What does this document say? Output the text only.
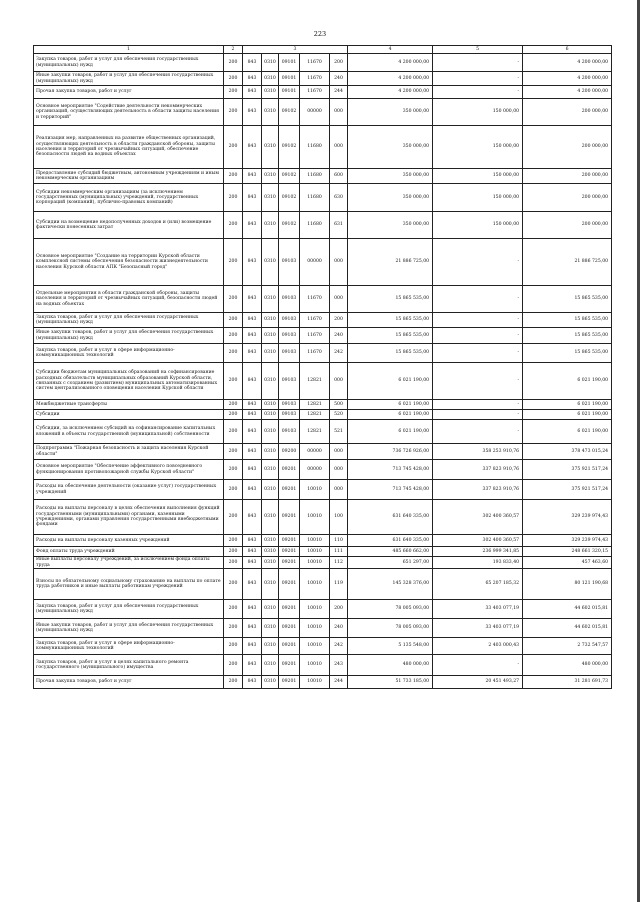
223
1	2	3					4	5	6
Закупка товаров, работ и услуг для обеспечения государственных (муниципальных) нужд	200	843	0310	09101	11670	200	4 200 000,00	-	4 200 000,00
Иные закупки товаров, работ и услуг для обеспечения государственных (муниципальных) нужд	200	843	0310	09101	11670	240	4 200 000,00	-	4 200 000,00
Прочая закупка товаров, работ и услуг	200	843	0310	09101	11670	244	4 200 000,00	-	4 200 000,00
Основное мероприятие "Содействие деятельности некоммерческих организаций, осуществляющих деятельность в области защиты населения и территорий"	200	843	0310	09102	00000	000	350 000,00	150 000,00	200 000,00
Реализация мер, направленных на развитие общественных организаций, осуществляющих деятельность в области гражданской обороны, защиты населения и территорий от чрезвычайных ситуаций, обеспечение безопасности людей на водных объектах	200	843	0310	09102	11680	000	350 000,00	150 000,00	200 000,00
Предоставление субсидий бюджетным, автономным учреждениям и иным некоммерческим организациям	200	843	0310	09102	11680	600	350 000,00	150 000,00	200 000,00
Субсидии некоммерческим организациям (за исключением государственных (муниципальных) учреждений, государственных корпораций (компаний), публично-правовых компаний)	200	843	0310	09102	11680	630	350 000,00	150 000,00	200 000,00
Субсидии на возмещение недополученных доходов и (или) возмещение фактически понесенных затрат	200	843	0310	09102	11680	631	350 000,00	150 000,00	200 000,00
Основное мероприятие "Создание на территории Курской области комплексной системы обеспечения безопасности жизнедеятельности населения Курской области АПК "Безопасный город"	200	843	0310	09103	00000	000	21 886 725,00	-	21 886 725,00
Отдельные мероприятия в области гражданской обороны, защиты населения и территорий от чрезвычайных ситуаций, безопасности людей на водных объектах	200	843	0310	09103	11670	000	15 865 535,00	-	15 865 535,00
Закупка товаров, работ и услуг для обеспечения государственных (муниципальных) нужд	200	843	0310	09103	11670	200	15 865 535,00	-	15 865 535,00
Иные закупки товаров, работ и услуг для обеспечения государственных (муниципальных) нужд	200	843	0310	09103	11670	240	15 865 535,00	-	15 865 535,00
Закупка товаров, работ и услуг в сфере информационно-коммуникационных технологий	200	843	0310	09103	11670	242	15 865 535,00	-	15 865 535,00
Субсидии бюджетам муниципальных образований на софинансирование расходных обязательств муниципальных образований Курской области, связанных с созданием (развитием) муниципальных автоматизированных систем централизованного оповещения населения Курской области	200	843	0310	09103	12821	000	6 021 190,00	-	6 021 190,00
Межбюджетные трансферты	200	843	0310	09103	12821	500	6 021 190,00	-	6 021 190,00
Субсидии	200	843	0310	09103	12821	520	6 021 190,00	-	6 021 190,00
Субсидии, за исключением субсидий на софинансирование капитальных вложений в объекты государственной (муниципальной) собственности	200	843	0310	09103	12821	521	6 021 190,00	-	6 021 190,00
Подпрограмма "Пожарная безопасность и защита населения Курской области"	200	843	0310	09200	00000	000	736 726 926,00	358 253 910,76	378 473 015,24
Основное мероприятие "Обеспечение эффективного повседневного функционирования противопожарной службы Курской области"	200	843	0310	09201	00000	000	713 745 428,00	337 823 910,76	375 921 517,24
Расходы на обеспечение деятельности (оказание услуг) государственных учреждений	200	843	0310	09201	10010	000	713 745 428,00	337 823 910,76	375 921 517,24
Расходы на выплаты персоналу в целях обеспечения выполнения функций государственными (муниципальными) органами, казенными учреждениями, органами управления государственными внебюджетными фондами	200	843	0310	09201	10010	100	631 640 335,00	302 400 360,57	329 239 974,43
Расходы на выплаты персоналу казенных учреждений	200	843	0310	09201	10010	110	631 640 335,00	302 400 360,57	329 239 974,43
Фонд оплаты труда учреждений	200	843	0310	09201	10010	111	485 660 662,00	236 999 341,85	248 661 320,15
Иные выплаты персоналу учреждений, за исключением фонда оплаты труда	200	843	0310	09201	10010	112	651 297,00	193 833,40	457 463,60
Взносы по обязательному социальному страхованию на выплаты по оплате труда работников и иные выплаты работникам учреждений	200	843	0310	09201	10010	119	145 328 376,00	65 207 185,32	80 121 190,68
Закупка товаров, работ и услуг для обеспечения государственных (муниципальных) нужд	200	843	0310	09201	10010	200	78 005 093,00	33 403 077,19	44 602 015,81
Иные закупки товаров, работ и услуг для обеспечения государственных (муниципальных) нужд	200	843	0310	09201	10010	240	78 005 093,00	33 403 077,19	44 602 015,81
Закупка товаров, работ и услуг в сфере информационно-коммуникационных технологий	200	843	0310	09201	10010	242	5 135 548,00	2 403 000,43	2 732 547,57
Закупка товаров, работ и услуг в целях капитального ремонта государственного (муниципального) имущества	200	843	0310	09201	10010	243	480 000,00	-	480 000,00
Прочая закупка товаров, работ и услуг	200	843	0310	09201	10010	244	51 733 185,00	20 451 493,27	31 281 691,73
